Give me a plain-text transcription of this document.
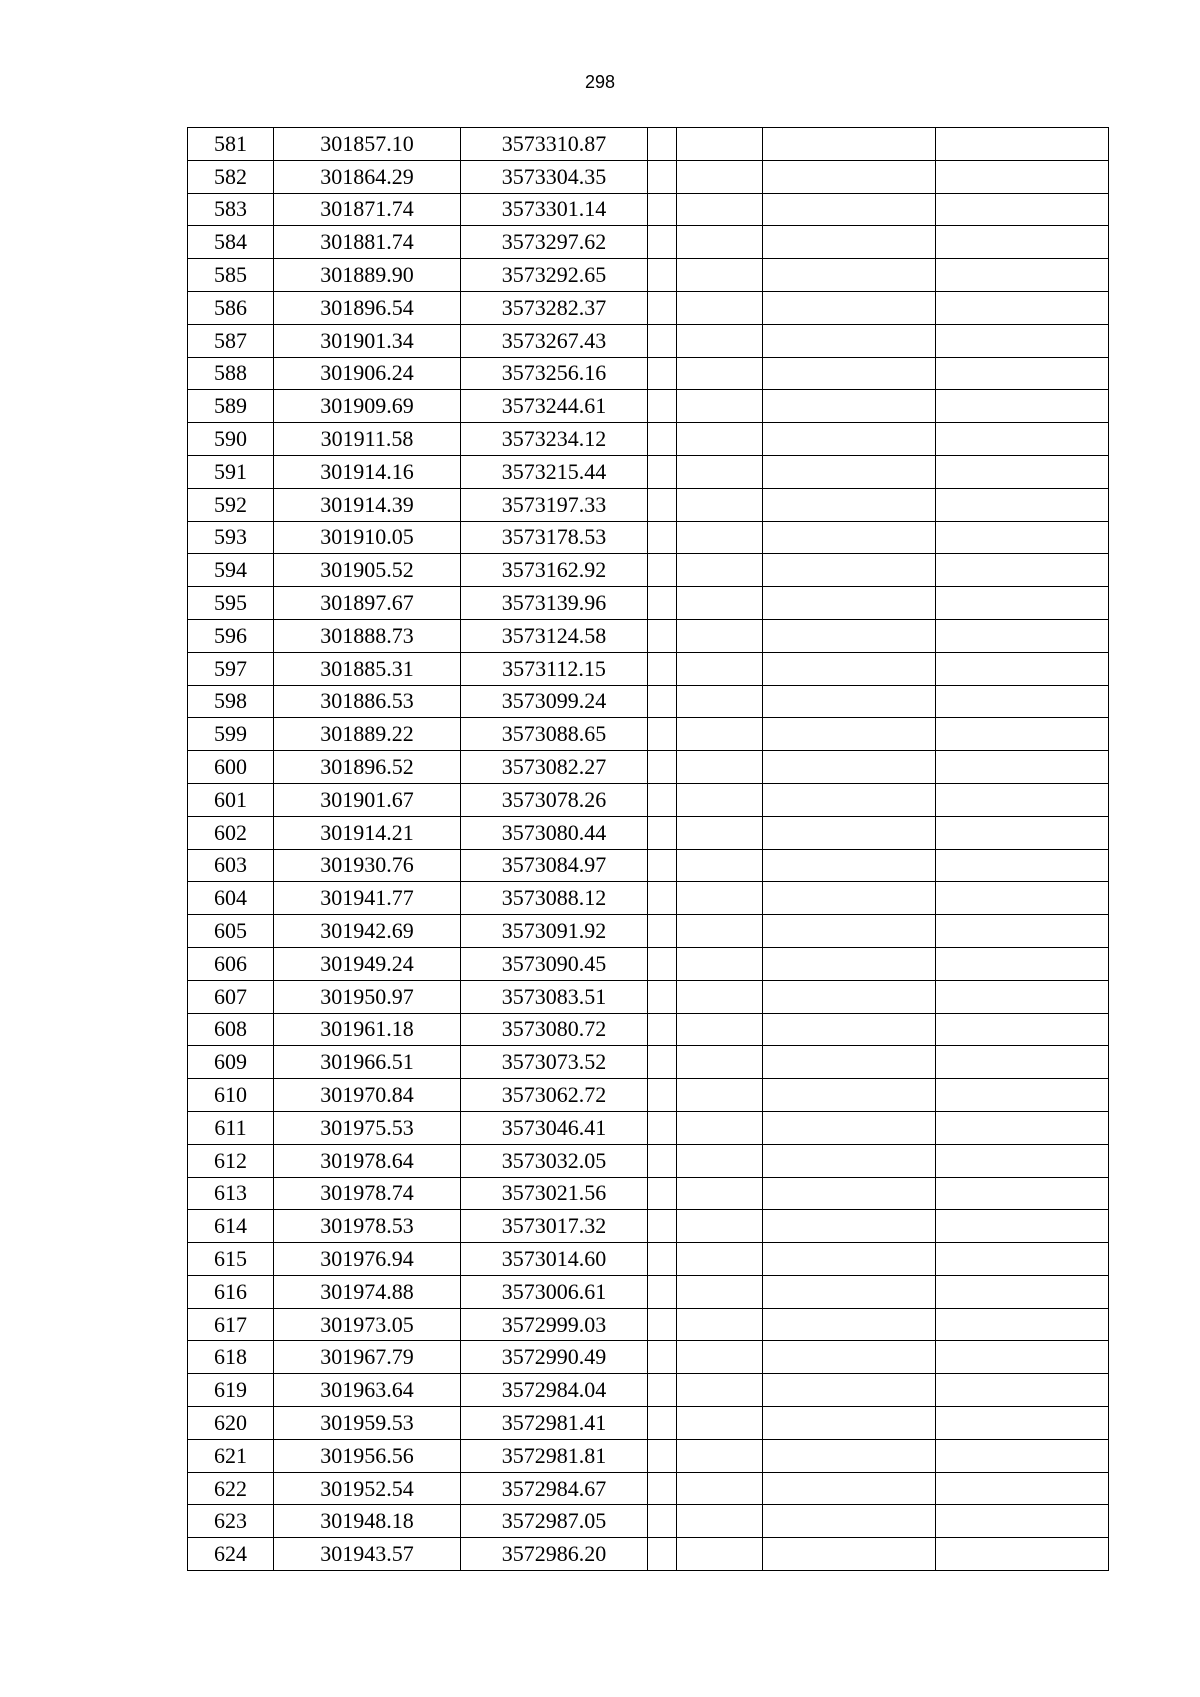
298
581	301857.10	3573310.87				
582	301864.29	3573304.35				
583	301871.74	3573301.14				
584	301881.74	3573297.62				
585	301889.90	3573292.65				
586	301896.54	3573282.37				
587	301901.34	3573267.43				
588	301906.24	3573256.16				
589	301909.69	3573244.61				
590	301911.58	3573234.12				
591	301914.16	3573215.44				
592	301914.39	3573197.33				
593	301910.05	3573178.53				
594	301905.52	3573162.92				
595	301897.67	3573139.96				
596	301888.73	3573124.58				
597	301885.31	3573112.15				
598	301886.53	3573099.24				
599	301889.22	3573088.65				
600	301896.52	3573082.27				
601	301901.67	3573078.26				
602	301914.21	3573080.44				
603	301930.76	3573084.97				
604	301941.77	3573088.12				
605	301942.69	3573091.92				
606	301949.24	3573090.45				
607	301950.97	3573083.51				
608	301961.18	3573080.72				
609	301966.51	3573073.52				
610	301970.84	3573062.72				
611	301975.53	3573046.41				
612	301978.64	3573032.05				
613	301978.74	3573021.56				
614	301978.53	3573017.32				
615	301976.94	3573014.60				
616	301974.88	3573006.61				
617	301973.05	3572999.03				
618	301967.79	3572990.49				
619	301963.64	3572984.04				
620	301959.53	3572981.41				
621	301956.56	3572981.81				
622	301952.54	3572984.67				
623	301948.18	3572987.05				
624	301943.57	3572986.20				
